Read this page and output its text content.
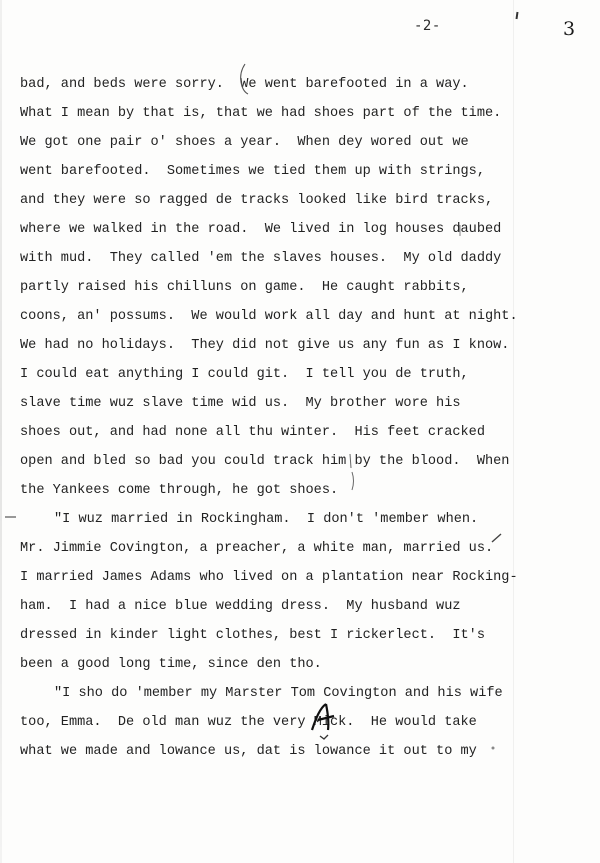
-2-	3
bad, and beds were sorry.  We went barefooted in a way.
What I mean by that is, that we had shoes part of the time.
We got one pair o' shoes a year.  When dey wored out we
went barefooted.  Sometimes we tied them up with strings,
and they were so ragged de tracks looked like bird tracks,
where we walked in the road.  We lived in log houses daubed
with mud.  They called 'em the slaves houses.  My old daddy
partly raised his chilluns on game.  He caught rabbits,
coons, an' possums.  We would work all day and hunt at night.
We had no holidays.  They did not give us any fun as I know.
I could eat anything I could git.  I tell you de truth,
slave time wuz slave time wid us.  My brother wore his
shoes out, and had none all thu winter.  His feet cracked
open and bled so bad you could track him by the blood.  When
the Yankees come through, he got shoes.
"I wuz married in Rockingham.  I don't 'member when.
Mr. Jimmie Covington, a preacher, a white man, married us.
I married James Adams who lived on a plantation near Rocking-
ham.  I had a nice blue wedding dress.  My husband wuz
dressed in kinder light clothes, best I rickerlect.  It's
been a good long time, since den tho.
"I sho do 'member my Marster Tom Covington and his wife
too, Emma.  De old man wuz the very Mick.  He would take
what we made and lowance us, dat is lowance it out to my
